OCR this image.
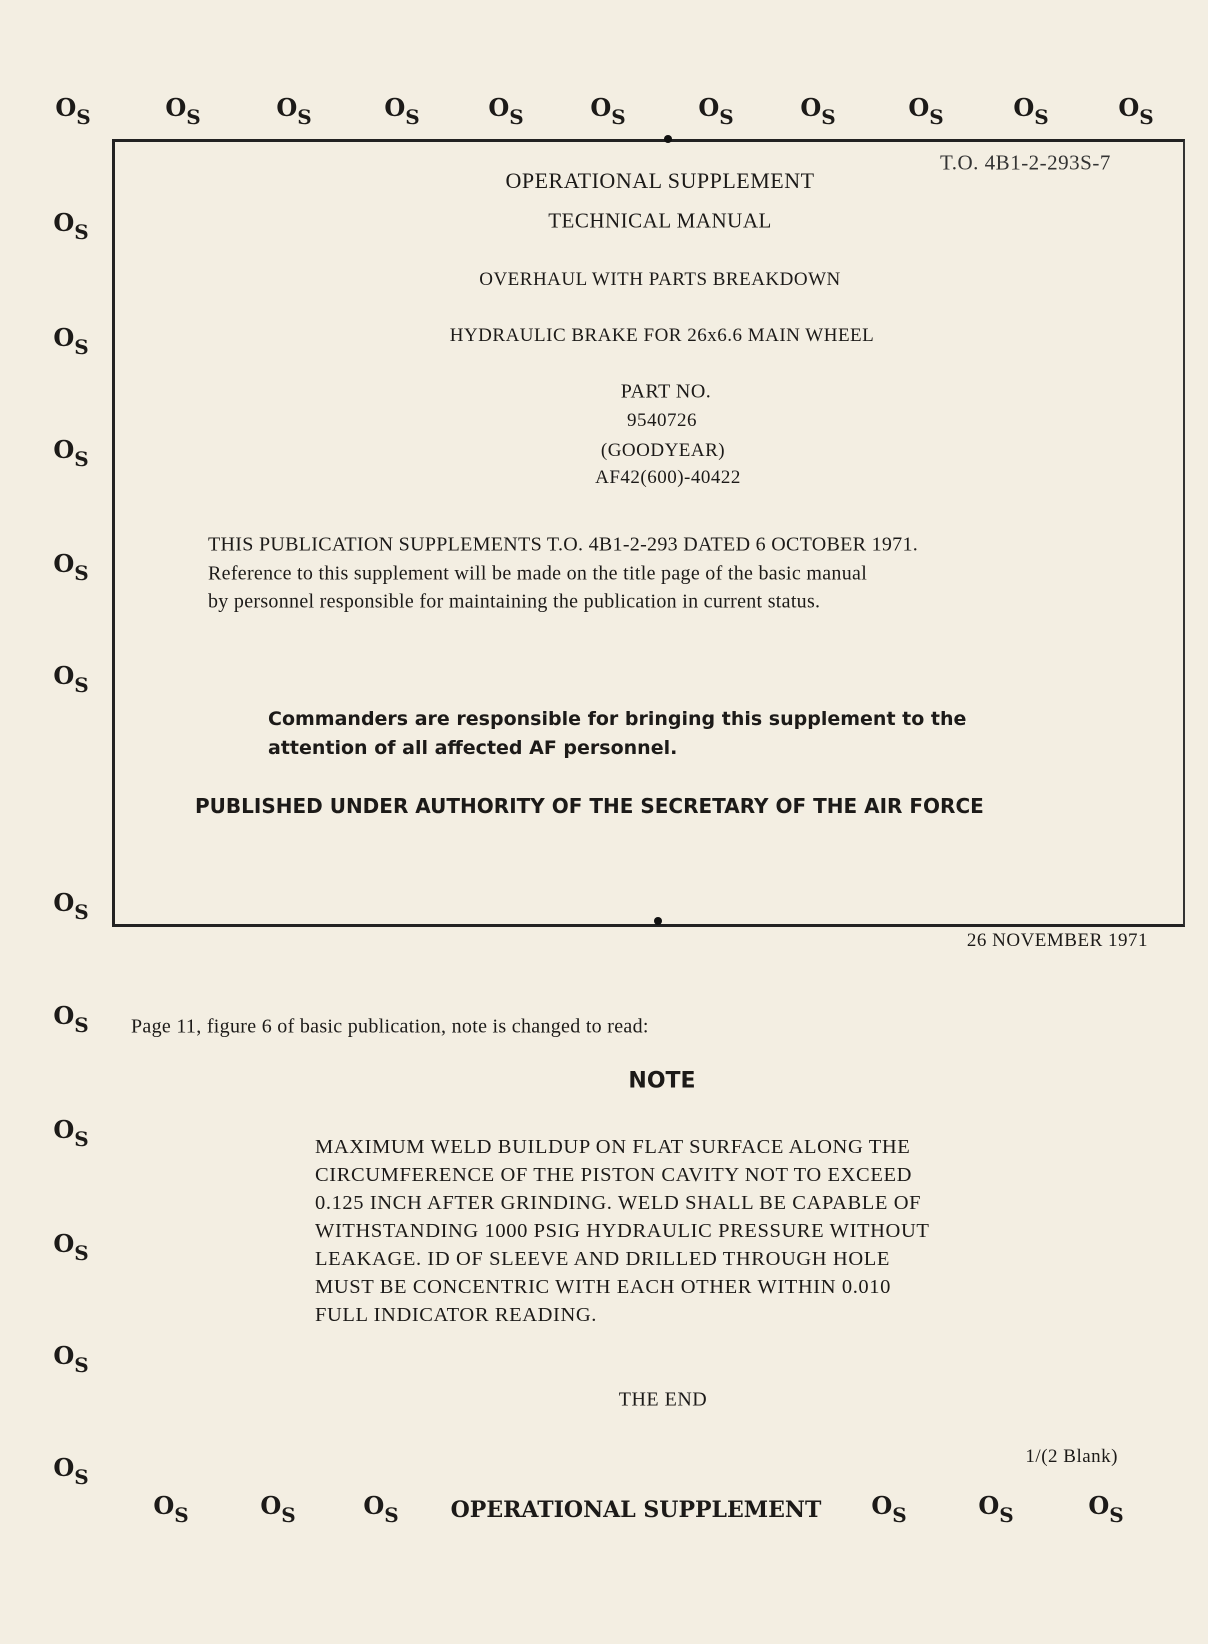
$O_S$	$O_S$	$O_S$	$O_S$	$O_S$	$O_S$	$O_S$	$O_S$	$O_S$	$O_S$	$O_S$
$O_S$
$O_S$
$O_S$
$O_S$
$O_S$
$O_S$
$O_S$
$O_S$
$O_S$
$O_S$
$O_S$
$O_S$	$O_S$	$O_S$	$O_S$	$O_S$	$O_S$
T.O. 4B1-2-293S-7
OPERATIONAL SUPPLEMENT
TECHNICAL MANUAL
OVERHAUL WITH PARTS BREAKDOWN
HYDRAULIC BRAKE FOR 26x6.6 MAIN WHEEL
PART NO.
9540726
(GOODYEAR)
AF42(600)-40422
THIS PUBLICATION SUPPLEMENTS T.O. 4B1-2-293 DATED 6 OCTOBER 1971.
Reference to this supplement will be made on the title page of the basic manual
by personnel responsible for maintaining the publication in current status.
Commanders are responsible for bringing this supplement to the
attention of all affected AF personnel.
PUBLISHED UNDER AUTHORITY OF THE SECRETARY OF THE AIR FORCE
26 NOVEMBER 1971
Page 11, figure 6 of basic publication, note is changed to read:
NOTE
MAXIMUM WELD BUILDUP ON FLAT SURFACE ALONG THE
CIRCUMFERENCE OF THE PISTON CAVITY NOT TO EXCEED
0.125 INCH AFTER GRINDING. WELD SHALL BE CAPABLE OF
WITHSTANDING 1000 PSIG HYDRAULIC PRESSURE WITHOUT
LEAKAGE. ID OF SLEEVE AND DRILLED THROUGH HOLE
MUST BE CONCENTRIC WITH EACH OTHER WITHIN 0.010
FULL INDICATOR READING.
THE END
1/(2 Blank)
OPERATIONAL SUPPLEMENT
